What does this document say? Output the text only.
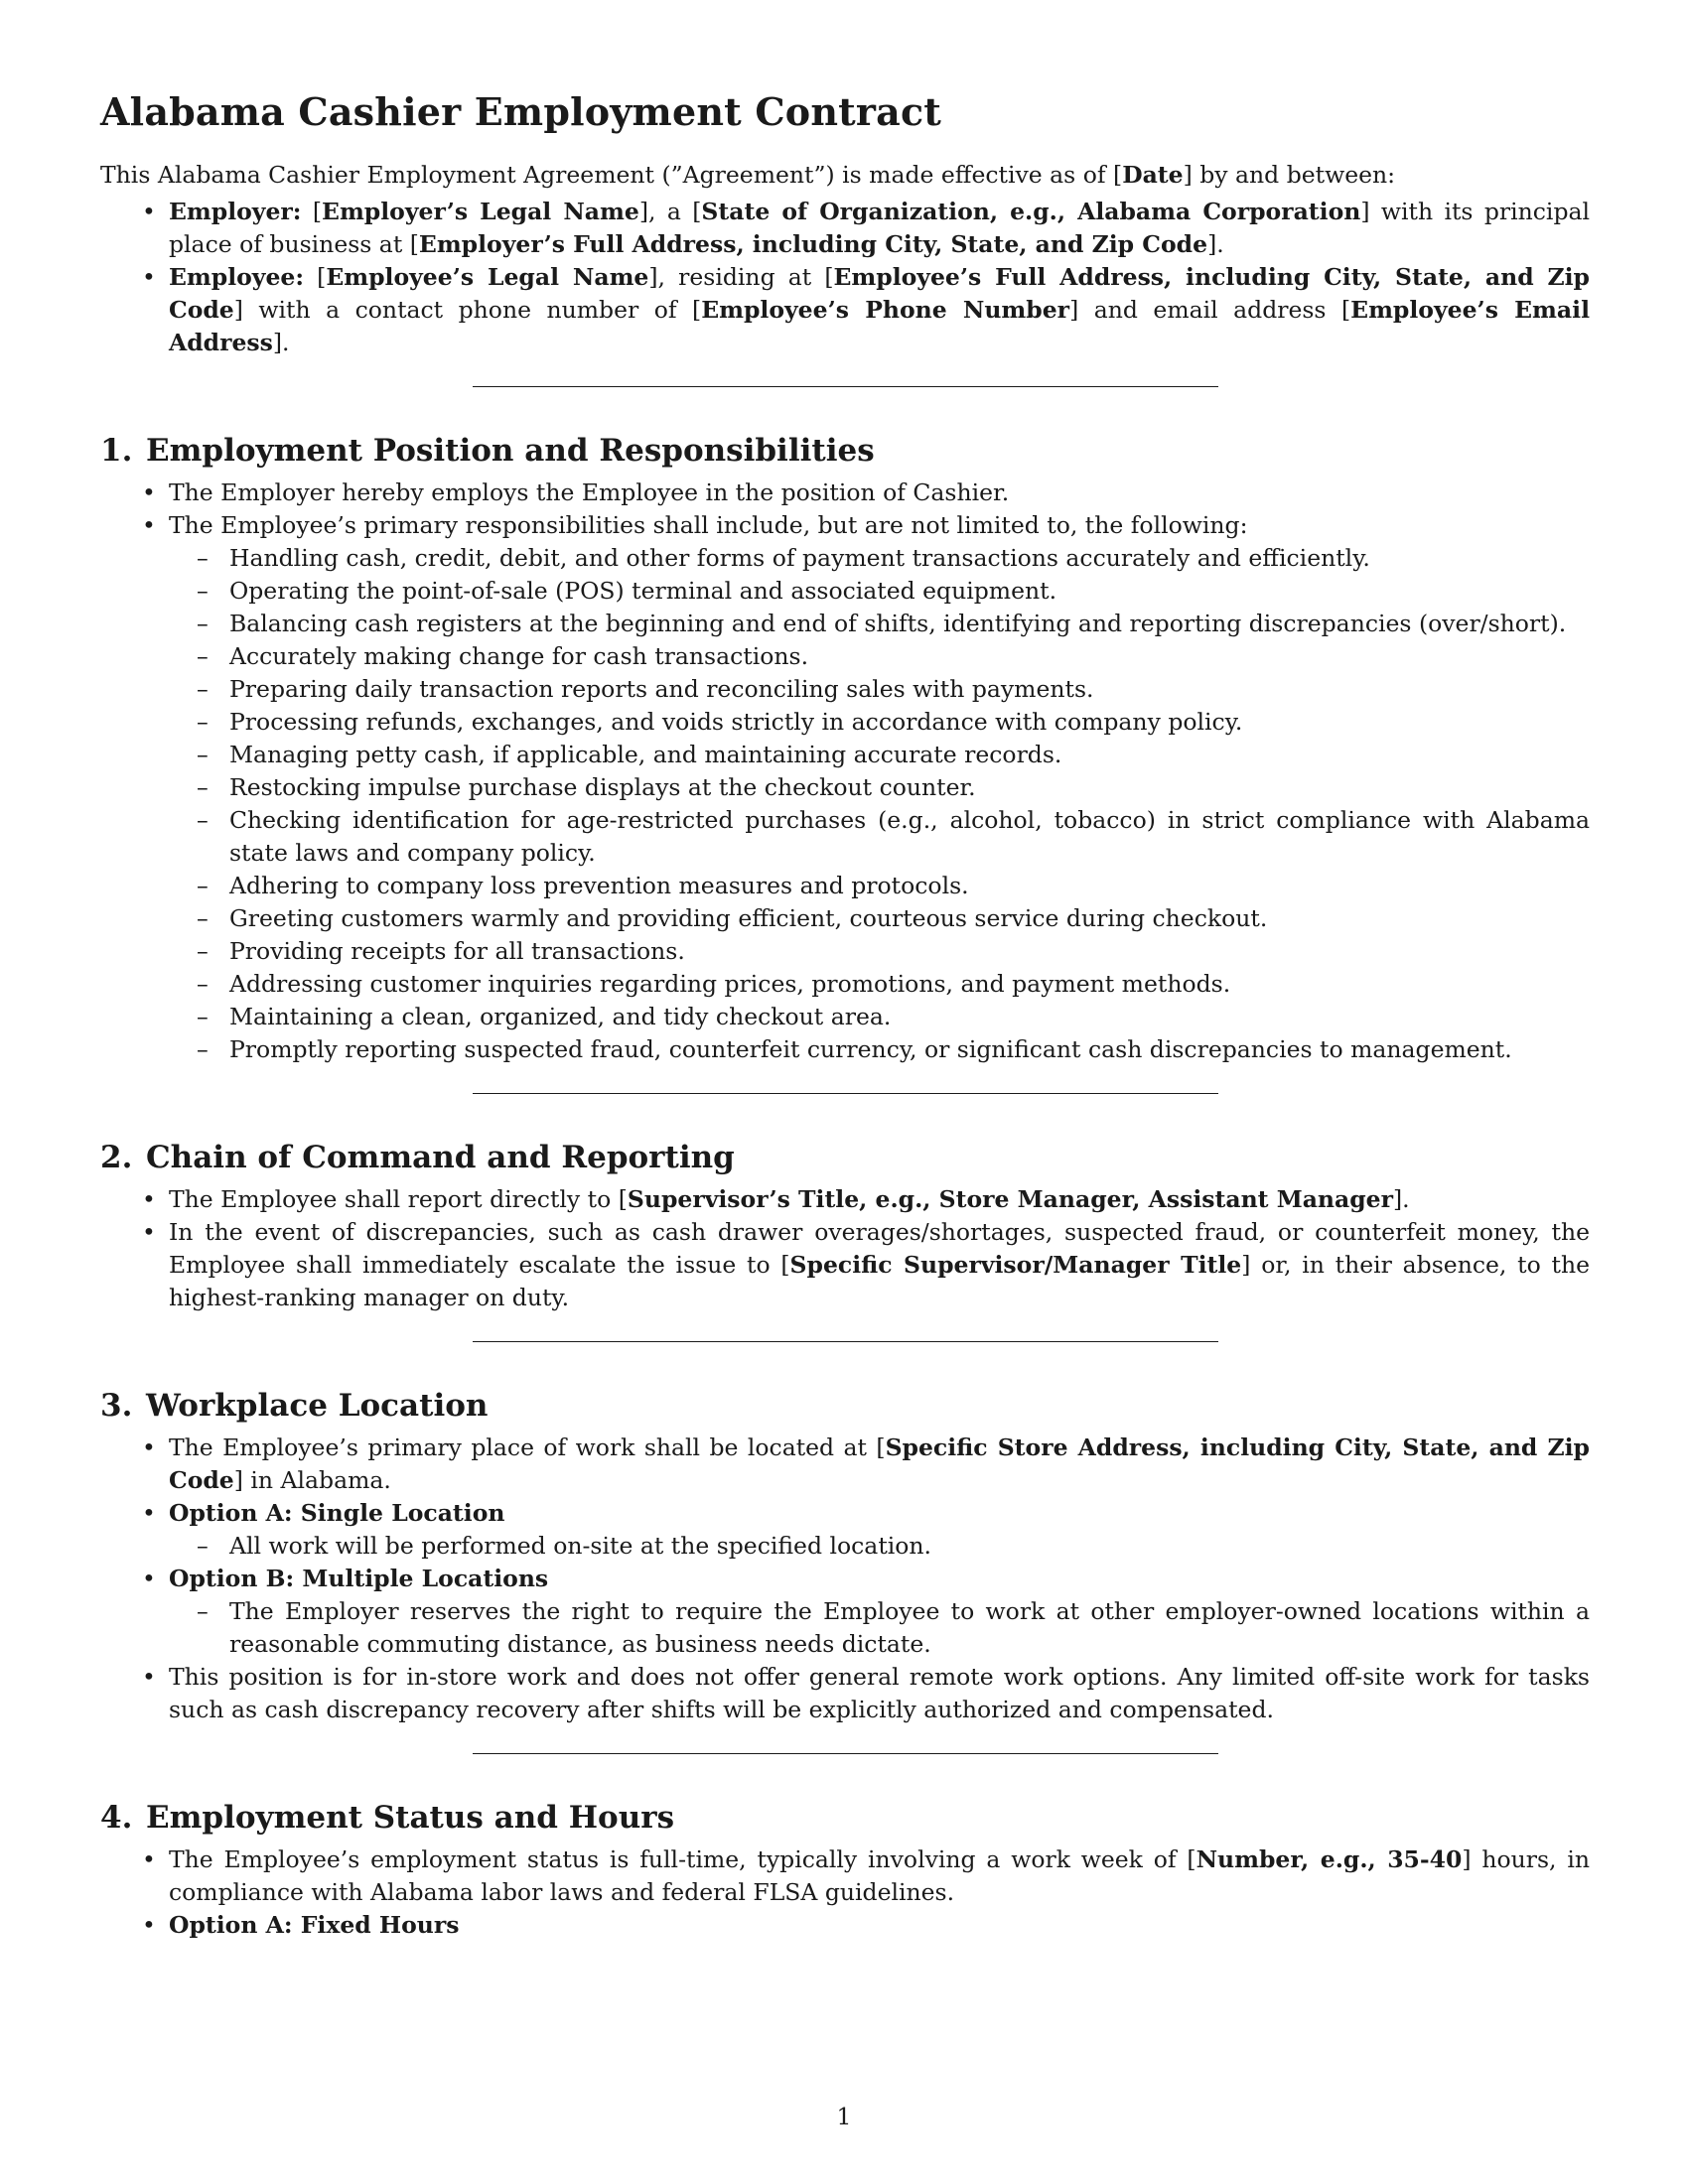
Alabama Cashier Employment Contract

This Alabama Cashier Employment Agreement (”Agreement”) is made effective as of [Date] by and between:

• Employer: [Employer’s Legal Name], a [State of Organization, e.g., Alabama Corporation] with its principal place of business at [Employer’s Full Address, including City, State, and Zip Code].
• Employee: [Employee’s Legal Name], residing at [Employee’s Full Address, including City, State, and Zip Code] with a contact phone number of [Employee’s Phone Number] and email address [Employee’s Email Address].
1. Employment Position and Responsibilities
• The Employer hereby employs the Employee in the position of Cashier.
• The Employee’s primary responsibilities shall include, but are not limited to, the following:
– Handling cash, credit, debit, and other forms of payment transactions accurately and efficiently.
– Operating the point-of-sale (POS) terminal and associated equipment.
– Balancing cash registers at the beginning and end of shifts, identifying and reporting discrepancies (over/short).
– Accurately making change for cash transactions.
– Preparing daily transaction reports and reconciling sales with payments.
– Processing refunds, exchanges, and voids strictly in accordance with company policy.
– Managing petty cash, if applicable, and maintaining accurate records.
– Restocking impulse purchase displays at the checkout counter.
– Checking identification for age-restricted purchases (e.g., alcohol, tobacco) in strict compliance with Alabama state laws and company policy.
– Adhering to company loss prevention measures and protocols.
– Greeting customers warmly and providing efficient, courteous service during checkout.
– Providing receipts for all transactions.
– Addressing customer inquiries regarding prices, promotions, and payment methods.
– Maintaining a clean, organized, and tidy checkout area.
– Promptly reporting suspected fraud, counterfeit currency, or significant cash discrepancies to management.
2. Chain of Command and Reporting
• The Employee shall report directly to [Supervisor’s Title, e.g., Store Manager, Assistant Manager].
• In the event of discrepancies, such as cash drawer overages/shortages, suspected fraud, or counterfeit money, the Employee shall immediately escalate the issue to [Specific Supervisor/Manager Title] or, in their absence, to the highest-ranking manager on duty.
3. Workplace Location
• The Employee’s primary place of work shall be located at [Specific Store Address, including City, State, and Zip Code] in Alabama.
• Option A: Single Location
– All work will be performed on-site at the specified location.
• Option B: Multiple Locations
– The Employer reserves the right to require the Employee to work at other employer-owned locations within a reasonable commuting distance, as business needs dictate.
• This position is for in-store work and does not offer general remote work options. Any limited off-site work for tasks such as cash discrepancy recovery after shifts will be explicitly authorized and compensated.
4. Employment Status and Hours
• The Employee’s employment status is full-time, typically involving a work week of [Number, e.g., 35-40] hours, in compliance with Alabama labor laws and federal FLSA guidelines.
• Option A: Fixed Hours
1
